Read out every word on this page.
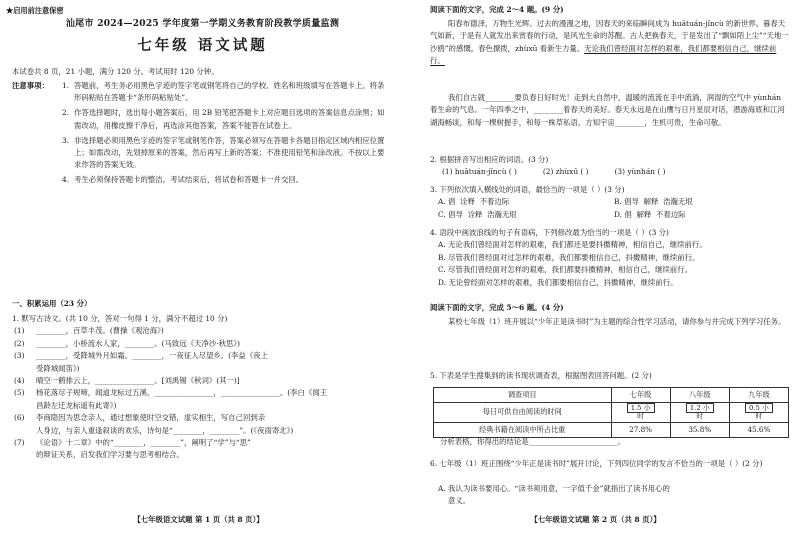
★启用前注意保密
汕尾市 2024—2025 学年度第一学期义务教育阶段教学质量监测
七年级 语文试题
本试卷共 8 页，21 小题，满分 120 分。考试用时 120 分钟。
注意事项： 1. 答题前，考生务必用黑色字迹的签字笔或钢笔将自己的学校、姓名和班级填写在答题卡上。将条形码粘贴在答题卡“条形码粘贴处”。
2. 作答选择题时，选出每小题答案后，用 2B 铅笔把答题卡上对应题目选项的答案信息点涂黑；如需改动，用橡皮擦干净后，再选涂其他答案，答案不能答在试卷上。
3. 非选择题必须用黑色字迹的签字笔或钢笔作答，答案必须写在答题卡各题目指定区域内相应位置上；如需改动，先划掉原来的答案，然后再写上新的答案；不准使用铅笔和涂改液。不按以上要求作答的答案无效。
4. 考生必须保持答题卡的整洁。考试结束后，将试卷和答题卡一并交回。
一、积累运用（23 分）
1. 默写古诗文。(共 10 分，答对一句得 1 分，满分不超过 10 分)
(1)	________，百草丰茂。(曹操《观沧海》)
(2)	________，小桥流水人家，________。(马致远《天净沙·秋思》)
(3)	________，受降城外月如霜。________，一夜征人尽望乡。(李益《夜上
受降城闻笛》)
(4)	晴空一鹤排云上，________________。[刘禹锡《秋词》(其一)]
(5)	杨花落尽子规啼，闻道龙标过五溪。________________，________________。(李白《闻王
昌龄左迁龙标遥有此寄》)
(6)	李商隐因为思念亲人，通过想象使时空交错，虚实相生，写自己回到亲
人身边，与亲人重逢叙谈的欢乐，诗句是“________，________”。(《夜雨寄北》)
(7)	《论语》十二章》中的“________，________”，阐明了“学”与“思”
的辩证关系，启发我们学习要与思考相结合。
【七年级语文试题 第 1 页（共 8 页）】
阅读下面的文字，完成 2～4 题。(9 分)
阳春布德泽，万物生光辉。过去的漫漫之地，因春天的来临瞬间成为 huātuán-jǐncù 的新世界。暮春天气如新，于是有人就发出来赏春的行动，是风光生命的苏醒。古人把换春天，于是发出了“飘如陌上尘”“天地一沙鸥”的感慨。春色撩拨，zhùxū 看新生力量。无论我们曾经面对怎样的艰难，我们都要相信自己，继续前行。
我们自古就________要负春日好时光！走到大自然中，温暖的流流在手中流淌，润湿的空气中 yùnhán 着生命的气息。一年四季之中，________着春天的美好。春天永远是在山鹰与日月星辰对话，潜游海底和江河湖海畅谈，和每一棵树握手，和每一株草私语，方知宇宙________，生机可贵，生命可敬。
2. 根据拼音写出相应的词语。(3 分)
(1) huātuán-jǐncù ( )	(2) zhùxū ( )	(3) yùnhán ( )
3. 下列依次填入横线处的词语，最恰当的一项是（ ）(3 分)
A. 倡 诠释 不着边际	B. 倡导 解释 浩瀚无垠
C. 倡导 诠释 浩瀚无垠	D. 倡 解释 不着边际
4. 语段中画波浪线的句子有语病，下列修改最为恰当的一项是（ ）(3 分)
A. 无论我们曾经面对怎样的艰难，我们都还是要抖擞精神，相信自己，继续前行。
B. 尽管我们曾经面对过怎样的艰难，我们都要相信自己，抖擞精神，继续前行。
C. 尽管我们曾经面对怎样的艰难，我们都要抖擞精神，相信自己，继续前行。
D. 无论曾经面对怎样的艰难，我们都要相信自己，抖擞精神，继续前行。
阅读下面的文字，完成 5～6 题。(4 分)
某校七年级（1）班开展以“少年正是读书时”为主题的综合性学习活动，请你参与并完成下列学习任务。
5. 下表是学生搜集到的读书现状调查表，根据图表回答问题。(2 分)
调查项目	七年级	八年级	九年级
每日可供自由阅读的时间	1.5 小时	1.2 小时	0.5 小时
经典书籍在阅读中所占比重	27.8%	35.8%	45.6%
分析表格，你得出的结论是________________________。
6. 七年级（1）班正围绕“少年正是读书时”展开讨论，下列四位同学的发言不恰当的一项是（ ）(2 分)
A. 我认为读书要用心。“读书须用意，一字值千金”就指出了读书用心的
意义。
【七年级语文试题 第 2 页（共 8 页）】
